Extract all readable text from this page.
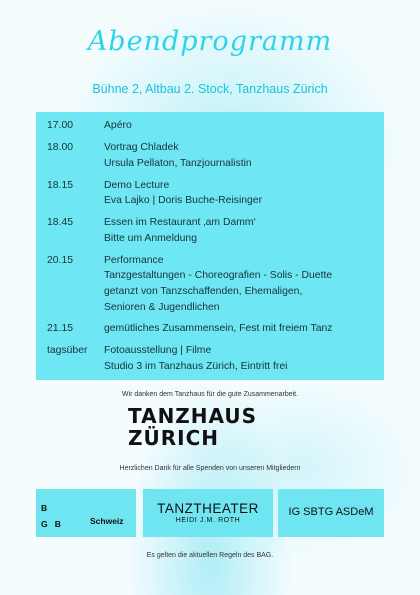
Abendprogramm
Bühne 2, Altbau 2. Stock, Tanzhaus Zürich
17.00	Apéro
18.00	Vortrag Chladek
Ursula Pellaton, Tanzjournalistin
18.15	Demo Lecture
Eva Lajko | Doris Buche-Reisinger
18.45	Essen im Restaurant ‚am Damm‘
Bitte um Anmeldung
20.15	Performance
Tanzgestaltungen - Choreografien - Solis - Duette
getanzt von Tanzschaffenden, Ehemaligen,
Senioren & Jugendlichen
21.15	gemütliches Zusammensein, Fest mit freiem Tanz
tagsüber	Fotoausstellung | Filme
Studio 3 im Tanzhaus Zürich, Eintritt frei
Wir danken dem Tanzhaus für die gute Zusammenarbeit.
TANZHAUS
ZÜRICH
Herzlichen Dank für alle Spenden von unseren Mitgliedern
B
G   B	Schweiz
TANZTHEATER
HEIDI J.M. ROTH
IG SBTG ASDeM
Es gelten die aktuellen Regeln des BAG.
